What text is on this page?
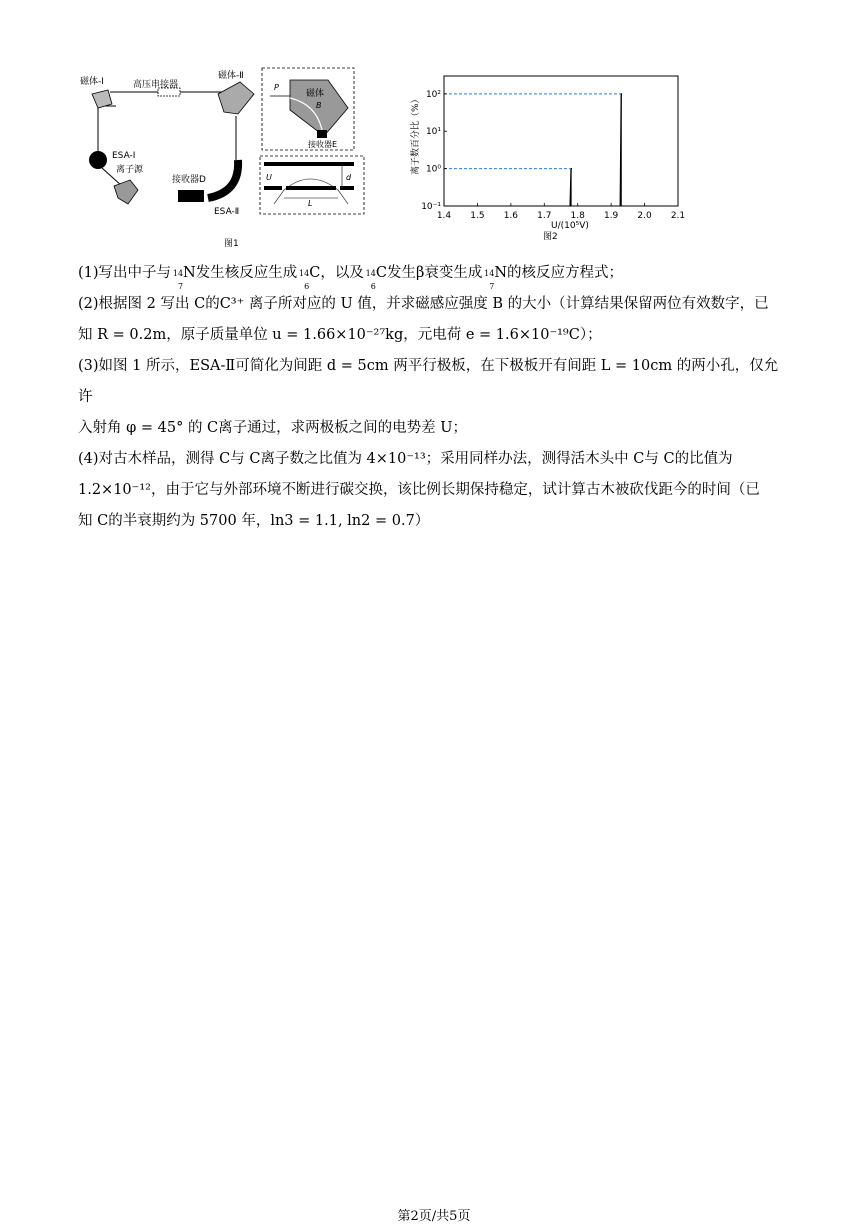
磁体-Ⅰ	高压串接器
磁体-Ⅱ
ESA-Ⅰ
离子源
接收器D
ESA-Ⅱ
磁体
B
P
接收器E
U	d
L
图1
10⁻¹
10⁰
10¹
10²
2.1
2.0
1.9
1.8
1.7
1.6
1.5
1.4
离子数百分比（%）
U/(10⁵V)
图2

(1)写出中子与 14
7
N发生核反应生成 14
6
C，以及 14
6
C发生β衰变生成 14
7
N的核反应方程式；

(2)根据图 2 写出 C的C³⁺ 离子所对应的 U 值，并求磁感应强度 B 的大小（计算结果保留两位有效数字，已
知 R = 0.2m，原子质量单位 u = 1.66×10⁻²⁷kg，元电荷 e = 1.6×10⁻¹⁹C）；

(3)如图 1 所示，ESA-Ⅱ可简化为间距 d = 5cm 两平行极板，在下极板开有间距 L = 10cm 的两小孔，仅允许
入射角 φ = 45° 的 C离子通过，求两极板之间的电势差 U；

(4)对古木样品，测得 C与 C离子数之比值为 4×10⁻¹³；采用同样办法，测得活木头中 C与 C的比值为
1.2×10⁻¹²，由于它与外部环境不断进行碳交换，该比例长期保持稳定，试计算古木被砍伐距今的时间（已
知 C的半衰期约为 5700 年，ln3 = 1.1, ln2 = 0.7）

第2页/共5页
